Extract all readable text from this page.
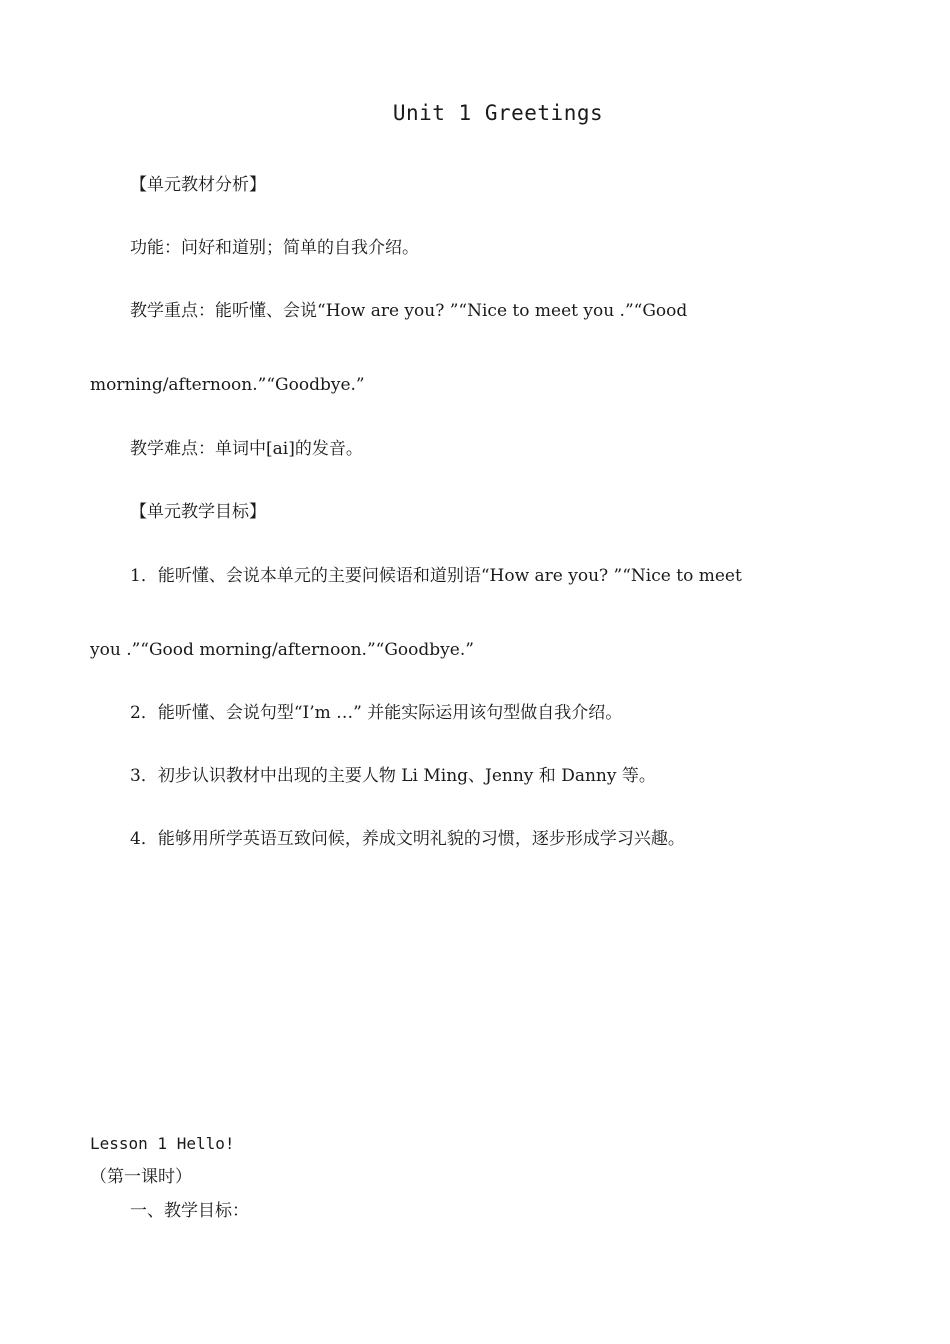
Unit 1 Greetings
【单元教材分析】
功能：问好和道别；简单的自我介绍。
教学重点：能听懂、会说“How are you? ”“Nice to meet you .”“Good
morning/afternoon.”“Goodbye.”
教学难点：单词中[ai]的发音。
【单元教学目标】
1．能听懂、会说本单元的主要问候语和道别语“How are you? ”“Nice to meet
you .”“Good morning/afternoon.”“Goodbye.”
2．能听懂、会说句型“I’m …” 并能实际运用该句型做自我介绍。
3．初步认识教材中出现的主要人物 Li Ming、Jenny 和 Danny 等。
4．能够用所学英语互致问候，养成文明礼貌的习惯，逐步形成学习兴趣。
Lesson 1 Hello!
（第一课时）
一、教学目标：
